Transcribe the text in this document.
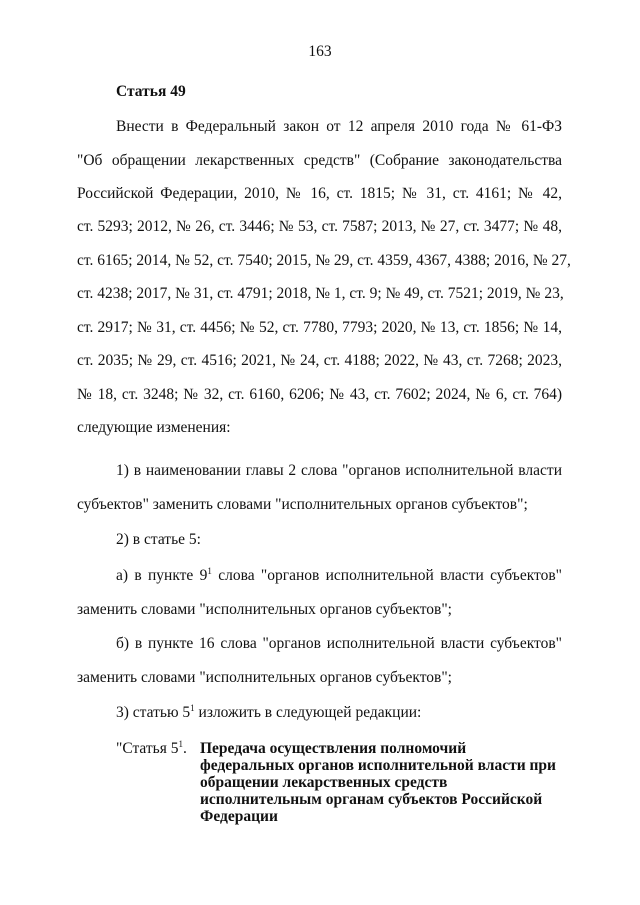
163
Статья 49
Внести в Федеральный закон от 12 апреля 2010 года № 61-ФЗ
"Об обращении лекарственных средств" (Собрание законодательства
Российской Федерации, 2010, № 16, ст. 1815; № 31, ст. 4161; № 42,
ст. 5293; 2012, № 26, ст. 3446; № 53, ст. 7587; 2013, № 27, ст. 3477; № 48,
ст. 6165; 2014, № 52, ст. 7540; 2015, № 29, ст. 4359, 4367, 4388; 2016, № 27,
ст. 4238; 2017, № 31, ст. 4791; 2018, № 1, ст. 9; № 49, ст. 7521; 2019, № 23,
ст. 2917; № 31, ст. 4456; № 52, ст. 7780, 7793; 2020, № 13, ст. 1856; № 14,
ст. 2035; № 29, ст. 4516; 2021, № 24, ст. 4188; 2022, № 43, ст. 7268; 2023,
№ 18, ст. 3248; № 32, ст. 6160, 6206; № 43, ст. 7602; 2024, № 6, ст. 764)
следующие изменения:
1) в наименовании главы 2 слова "органов исполнительной власти
субъектов" заменить словами "исполнительных органов субъектов";
2) в статье 5:
а) в пункте $9^1$ слова "органов исполнительной власти субъектов"
заменить словами "исполнительных органов субъектов";
б) в пункте 16 слова "органов исполнительной власти субъектов"
заменить словами "исполнительных органов субъектов";
3) статью $5^1$ изложить в следующей редакции:
"Статья $5^1$. Передача осуществления полномочий федеральных органов исполнительной власти при обращении лекарственных средств исполнительным органам субъектов Российской Федерации
